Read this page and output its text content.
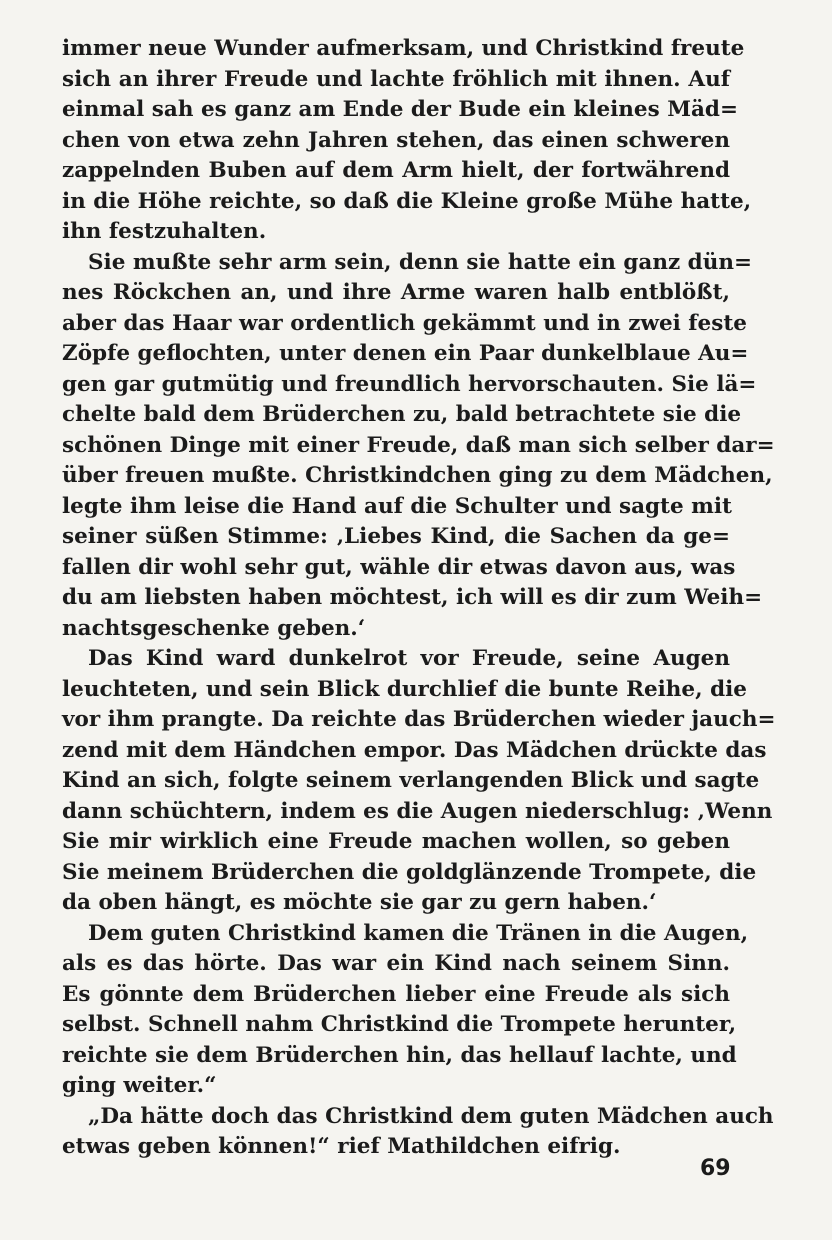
immer neue Wunder aufmerksam, und Christkind freute
sich an ihrer Freude und lachte fröhlich mit ihnen. Auf
einmal sah es ganz am Ende der Bude ein kleines Mäd=
chen von etwa zehn Jahren stehen, das einen schweren
zappelnden Buben auf dem Arm hielt, der fortwährend
in die Höhe reichte, so daß die Kleine große Mühe hatte,
ihn festzuhalten.
Sie mußte sehr arm sein, denn sie hatte ein ganz dün=
nes Röckchen an, und ihre Arme waren halb entblößt,
aber das Haar war ordentlich gekämmt und in zwei feste
Zöpfe geflochten, unter denen ein Paar dunkelblaue Au=
gen gar gutmütig und freundlich hervorschauten. Sie lä=
chelte bald dem Brüderchen zu, bald betrachtete sie die
schönen Dinge mit einer Freude, daß man sich selber dar=
über freuen mußte. Christkindchen ging zu dem Mädchen,
legte ihm leise die Hand auf die Schulter und sagte mit
seiner süßen Stimme: ‚Liebes Kind, die Sachen da ge=
fallen dir wohl sehr gut, wähle dir etwas davon aus, was
du am liebsten haben möchtest, ich will es dir zum Weih=
nachtsgeschenke geben.‘
Das Kind ward dunkelrot vor Freude, seine Augen
leuchteten, und sein Blick durchlief die bunte Reihe, die
vor ihm prangte. Da reichte das Brüderchen wieder jauch=
zend mit dem Händchen empor. Das Mädchen drückte das
Kind an sich, folgte seinem verlangenden Blick und sagte
dann schüchtern, indem es die Augen niederschlug: ‚Wenn
Sie mir wirklich eine Freude machen wollen, so geben
Sie meinem Brüderchen die goldglänzende Trompete, die
da oben hängt, es möchte sie gar zu gern haben.‘
Dem guten Christkind kamen die Tränen in die Augen,
als es das hörte. Das war ein Kind nach seinem Sinn.
Es gönnte dem Brüderchen lieber eine Freude als sich
selbst. Schnell nahm Christkind die Trompete herunter,
reichte sie dem Brüderchen hin, das hellauf lachte, und
ging weiter.“
„Da hätte doch das Christkind dem guten Mädchen auch
etwas geben können!“ rief Mathildchen eifrig.
69
